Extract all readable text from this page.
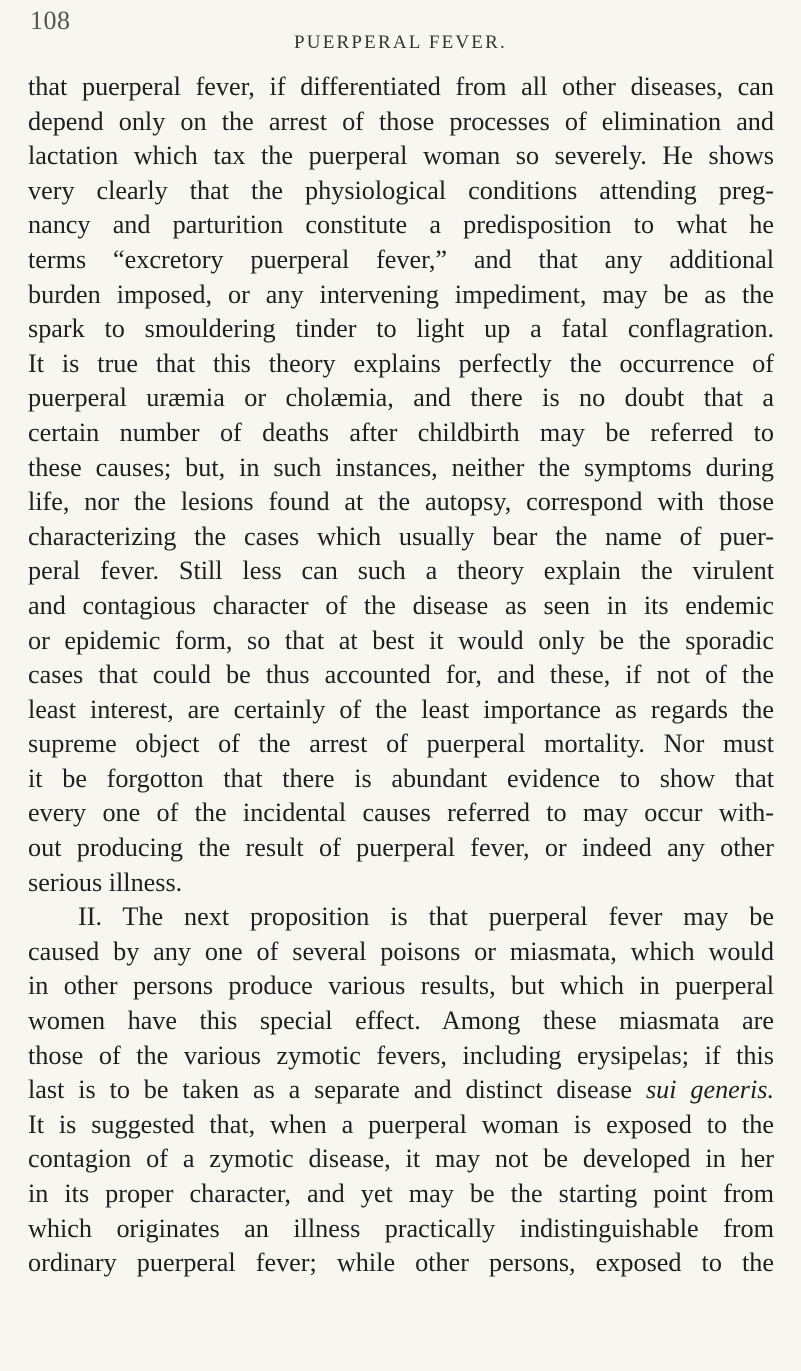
108
PUERPERAL FEVER.
that puerperal fever, if differentiated from all other diseases, can
depend only on the arrest of those processes of elimination and
lactation which tax the puerperal woman so severely. He shows
very clearly that the physiological conditions attending preg-
nancy and parturition constitute a predisposition to what he
terms “excretory puerperal fever,” and that any additional
burden imposed, or any intervening impediment, may be as the
spark to smouldering tinder to light up a fatal conflagration.
It is true that this theory explains perfectly the occurrence of
puerperal uræmia or cholæmia, and there is no doubt that a
certain number of deaths after childbirth may be referred to
these causes; but, in such instances, neither the symptoms during
life, nor the lesions found at the autopsy, correspond with those
characterizing the cases which usually bear the name of puer-
peral fever. Still less can such a theory explain the virulent
and contagious character of the disease as seen in its endemic
or epidemic form, so that at best it would only be the sporadic
cases that could be thus accounted for, and these, if not of the
least interest, are certainly of the least importance as regards the
supreme object of the arrest of puerperal mortality. Nor must
it be forgotton that there is abundant evidence to show that
every one of the incidental causes referred to may occur with-
out producing the result of puerperal fever, or indeed any other
serious illness.
II. The next proposition is that puerperal fever may be
caused by any one of several poisons or miasmata, which would
in other persons produce various results, but which in puerperal
women have this special effect. Among these miasmata are
those of the various zymotic fevers, including erysipelas; if this
last is to be taken as a separate and distinct disease sui generis.
It is suggested that, when a puerperal woman is exposed to the
contagion of a zymotic disease, it may not be developed in her
in its proper character, and yet may be the starting point from
which originates an illness practically indistinguishable from
ordinary puerperal fever; while other persons, exposed to the
